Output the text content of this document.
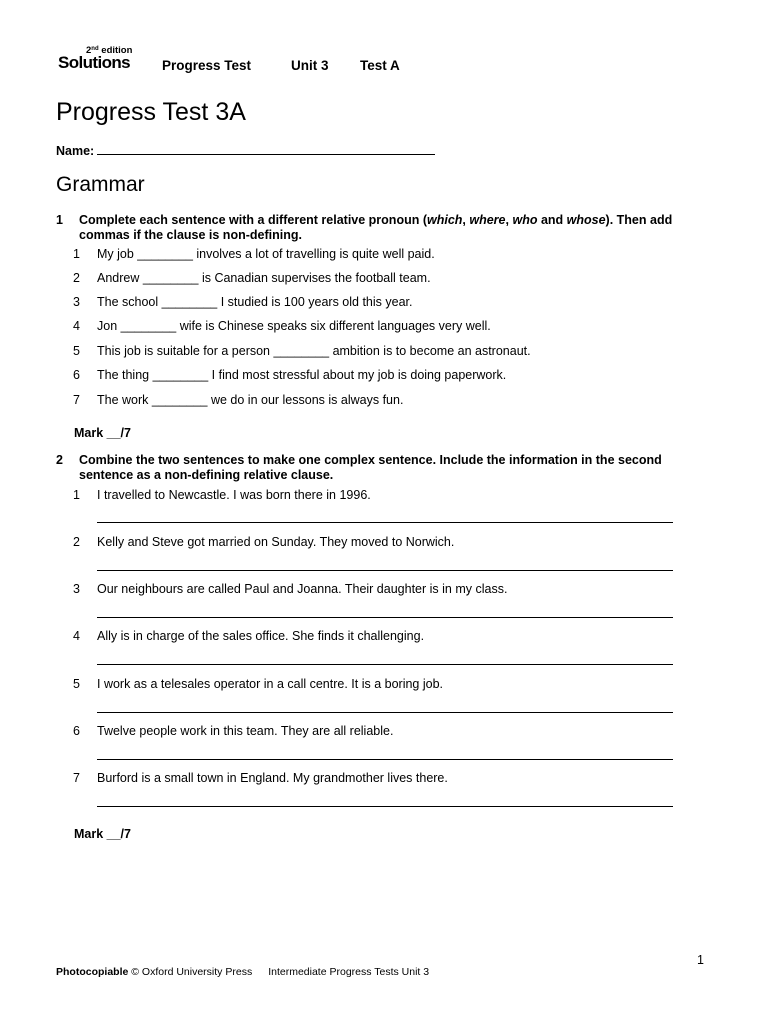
2nd edition
Solutions Progress Test	Unit 3 Test A
Progress Test 3A
Name:
Grammar
1 Complete each sentence with a different relative pronoun (which, where, who and whose). Then add commas if the clause is non-defining.
1 My job ________ involves a lot of travelling is quite well paid.
2 Andrew ________ is Canadian supervises the football team.
3 The school ________ I studied is 100 years old this year.
4 Jon ________ wife is Chinese speaks six different languages very well.
5 This job is suitable for a person ________ ambition is to become an astronaut.
6 The thing ________ I find most stressful about my job is doing paperwork.
7 The work ________ we do in our lessons is always fun.
Mark __/7
2 Combine the two sentences to make one complex sentence. Include the information in the second sentence as a non-defining relative clause.
1 I travelled to Newcastle. I was born there in 1996.
2 Kelly and Steve got married on Sunday. They moved to Norwich.
3 Our neighbours are called Paul and Joanna. Their daughter is in my class.
4 Ally is in charge of the sales office. She finds it challenging.
5 I work as a telesales operator in a call centre. It is a boring job.
6 Twelve people work in this team. They are all reliable.
7 Burford is a small town in England. My grandmother lives there.
Mark __/7
1
Photocopiable © Oxford University Press Intermediate Progress Tests Unit 3
